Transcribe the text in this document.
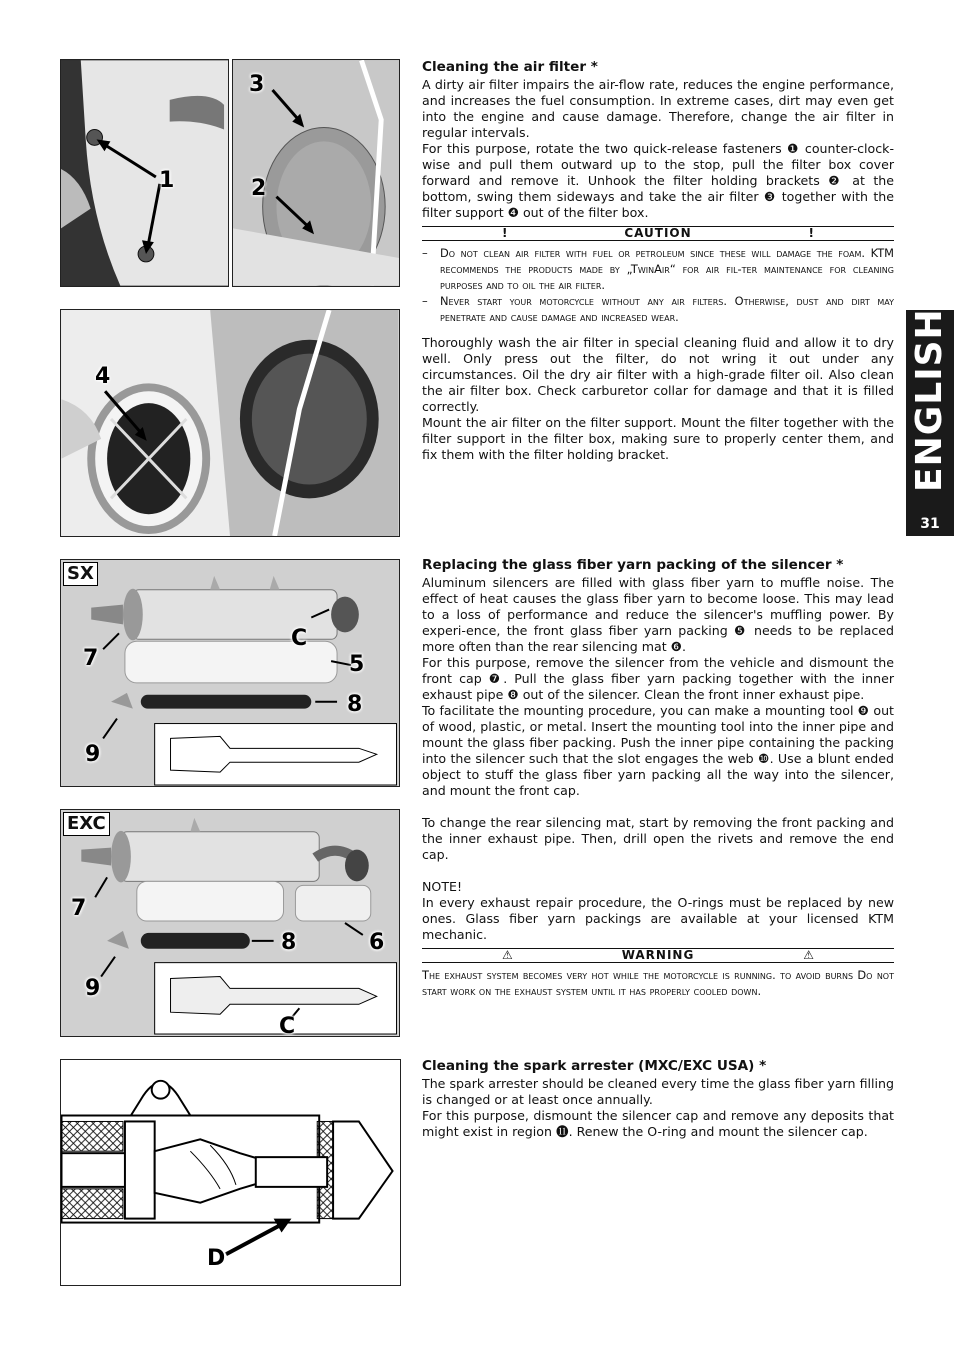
1
3
2
4
SX
7
C
5
8
9
EXC
7
8	6
9
C
D
Cleaning the air filter *

A dirty air filter impairs the air-flow rate, reduces the engine performance, and increases the fuel consumption. In extreme cases, dirt may even get into the engine and cause damage. Therefore, change the air filter in regular intervals.

For this purpose, rotate the two quick-release fasteners ❶ counter-clock-wise and pull them outward up to the stop, pull the filter box cover forward and remove it. Unhook the filter holding brackets ❷ at the bottom, swing them sideways and take the air filter ❸ together with the filter support ❹ out of the filter box.

!	CAUTION	!
–	Do not clean air filter with fuel or petroleum since these will damage the foam. KTM recommends the products made by „TwinAir“ for air fil-ter maintenance for cleaning purposes and to oil the air filter.
–	Never start your motorcycle without any air filters. Otherwise, dust and dirt may penetrate and cause damage and increased wear.

Thoroughly wash the air filter in special cleaning fluid and allow it to dry well. Only press out the filter, do not wring it out under any circumstances. Oil the dry air filter with a high-grade filter oil. Also clean the air filter box. Check carburetor collar for damage and that it is filled correctly.

Mount the air filter on the filter support. Mount the filter together with the filter support in the filter box, making sure to properly center them, and fix them with the filter holding bracket.

Replacing the glass fiber yarn packing of the silencer *

Aluminum silencers are filled with glass fiber yarn to muffle noise. The effect of heat causes the glass fiber yarn to become loose. This may lead to a loss of performance and reduce the silencer's muffling power. By experi-ence, the front glass fiber yarn packing ❺ needs to be replaced more often than the rear silencing mat ❻.

For this purpose, remove the silencer from the vehicle and dismount the front cap ❼. Pull the glass fiber yarn packing together with the inner exhaust pipe ❽ out of the silencer. Clean the front inner exhaust pipe.

To facilitate the mounting procedure, you can make a mounting tool ❾ out of wood, plastic, or metal. Insert the mounting tool into the inner pipe and mount the glass fiber packing. Push the inner pipe containing the packing into the silencer such that the slot engages the web ❿. Use a blunt ended object to stuff the glass fiber yarn packing all the way into the silencer, and mount the front cap.

To change the rear silencing mat, start by removing the front packing and the inner exhaust pipe. Then, drill open the rivets and remove the end cap.

NOTE!

In every exhaust repair procedure, the O-rings must be replaced by new ones. Glass fiber yarn packings are available at your licensed KTM mechanic.

⚠	WARNING	⚠

The exhaust system becomes very hot while the motorcycle is running. to avoid burns Do not start work on the exhaust system until it has properly cooled down.

Cleaning the spark arrester (MXC/EXC USA) *

The spark arrester should be cleaned every time the glass fiber yarn filling is changed or at least once annually.

For this purpose, dismount the silencer cap and remove any deposits that might exist in region ⓫. Renew the O-ring and mount the silencer cap.

ENGLISH
31
